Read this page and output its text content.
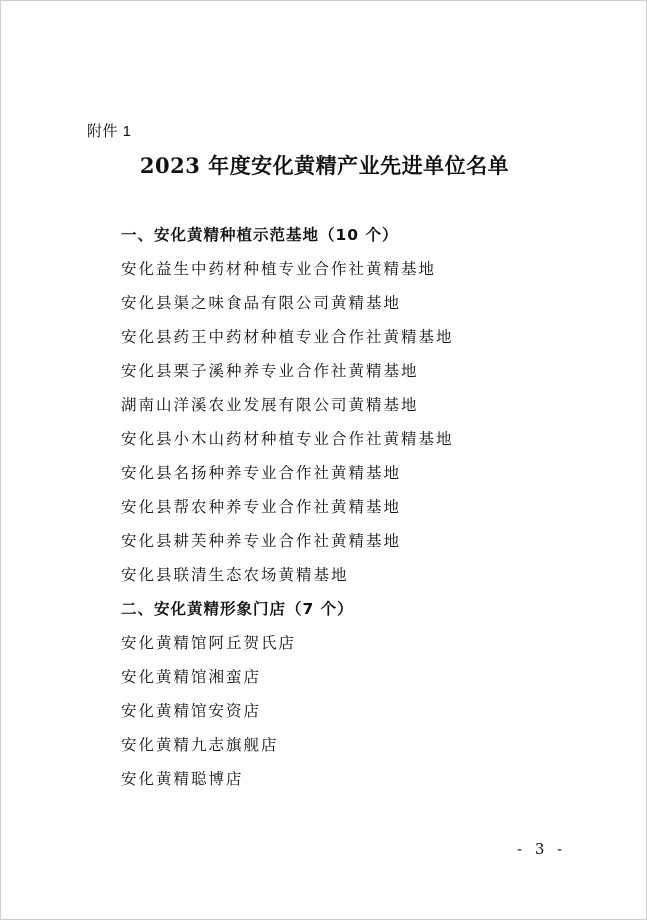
附件 1
2023 年度安化黄精产业先进单位名单
一、安化黄精种植示范基地（10 个）
安化益生中药材种植专业合作社黄精基地
安化县渠之味食品有限公司黄精基地
安化县药王中药材种植专业合作社黄精基地
安化县栗子溪种养专业合作社黄精基地
湖南山洋溪农业发展有限公司黄精基地
安化县小木山药材种植专业合作社黄精基地
安化县名扬种养专业合作社黄精基地
安化县帮农种养专业合作社黄精基地
安化县耕芙种养专业合作社黄精基地
安化县联清生态农场黄精基地
二、安化黄精形象门店（7 个）
安化黄精馆阿丘贺氏店
安化黄精馆湘蛮店
安化黄精馆安资店
安化黄精九志旗舰店
安化黄精聪博店
- 3 -
